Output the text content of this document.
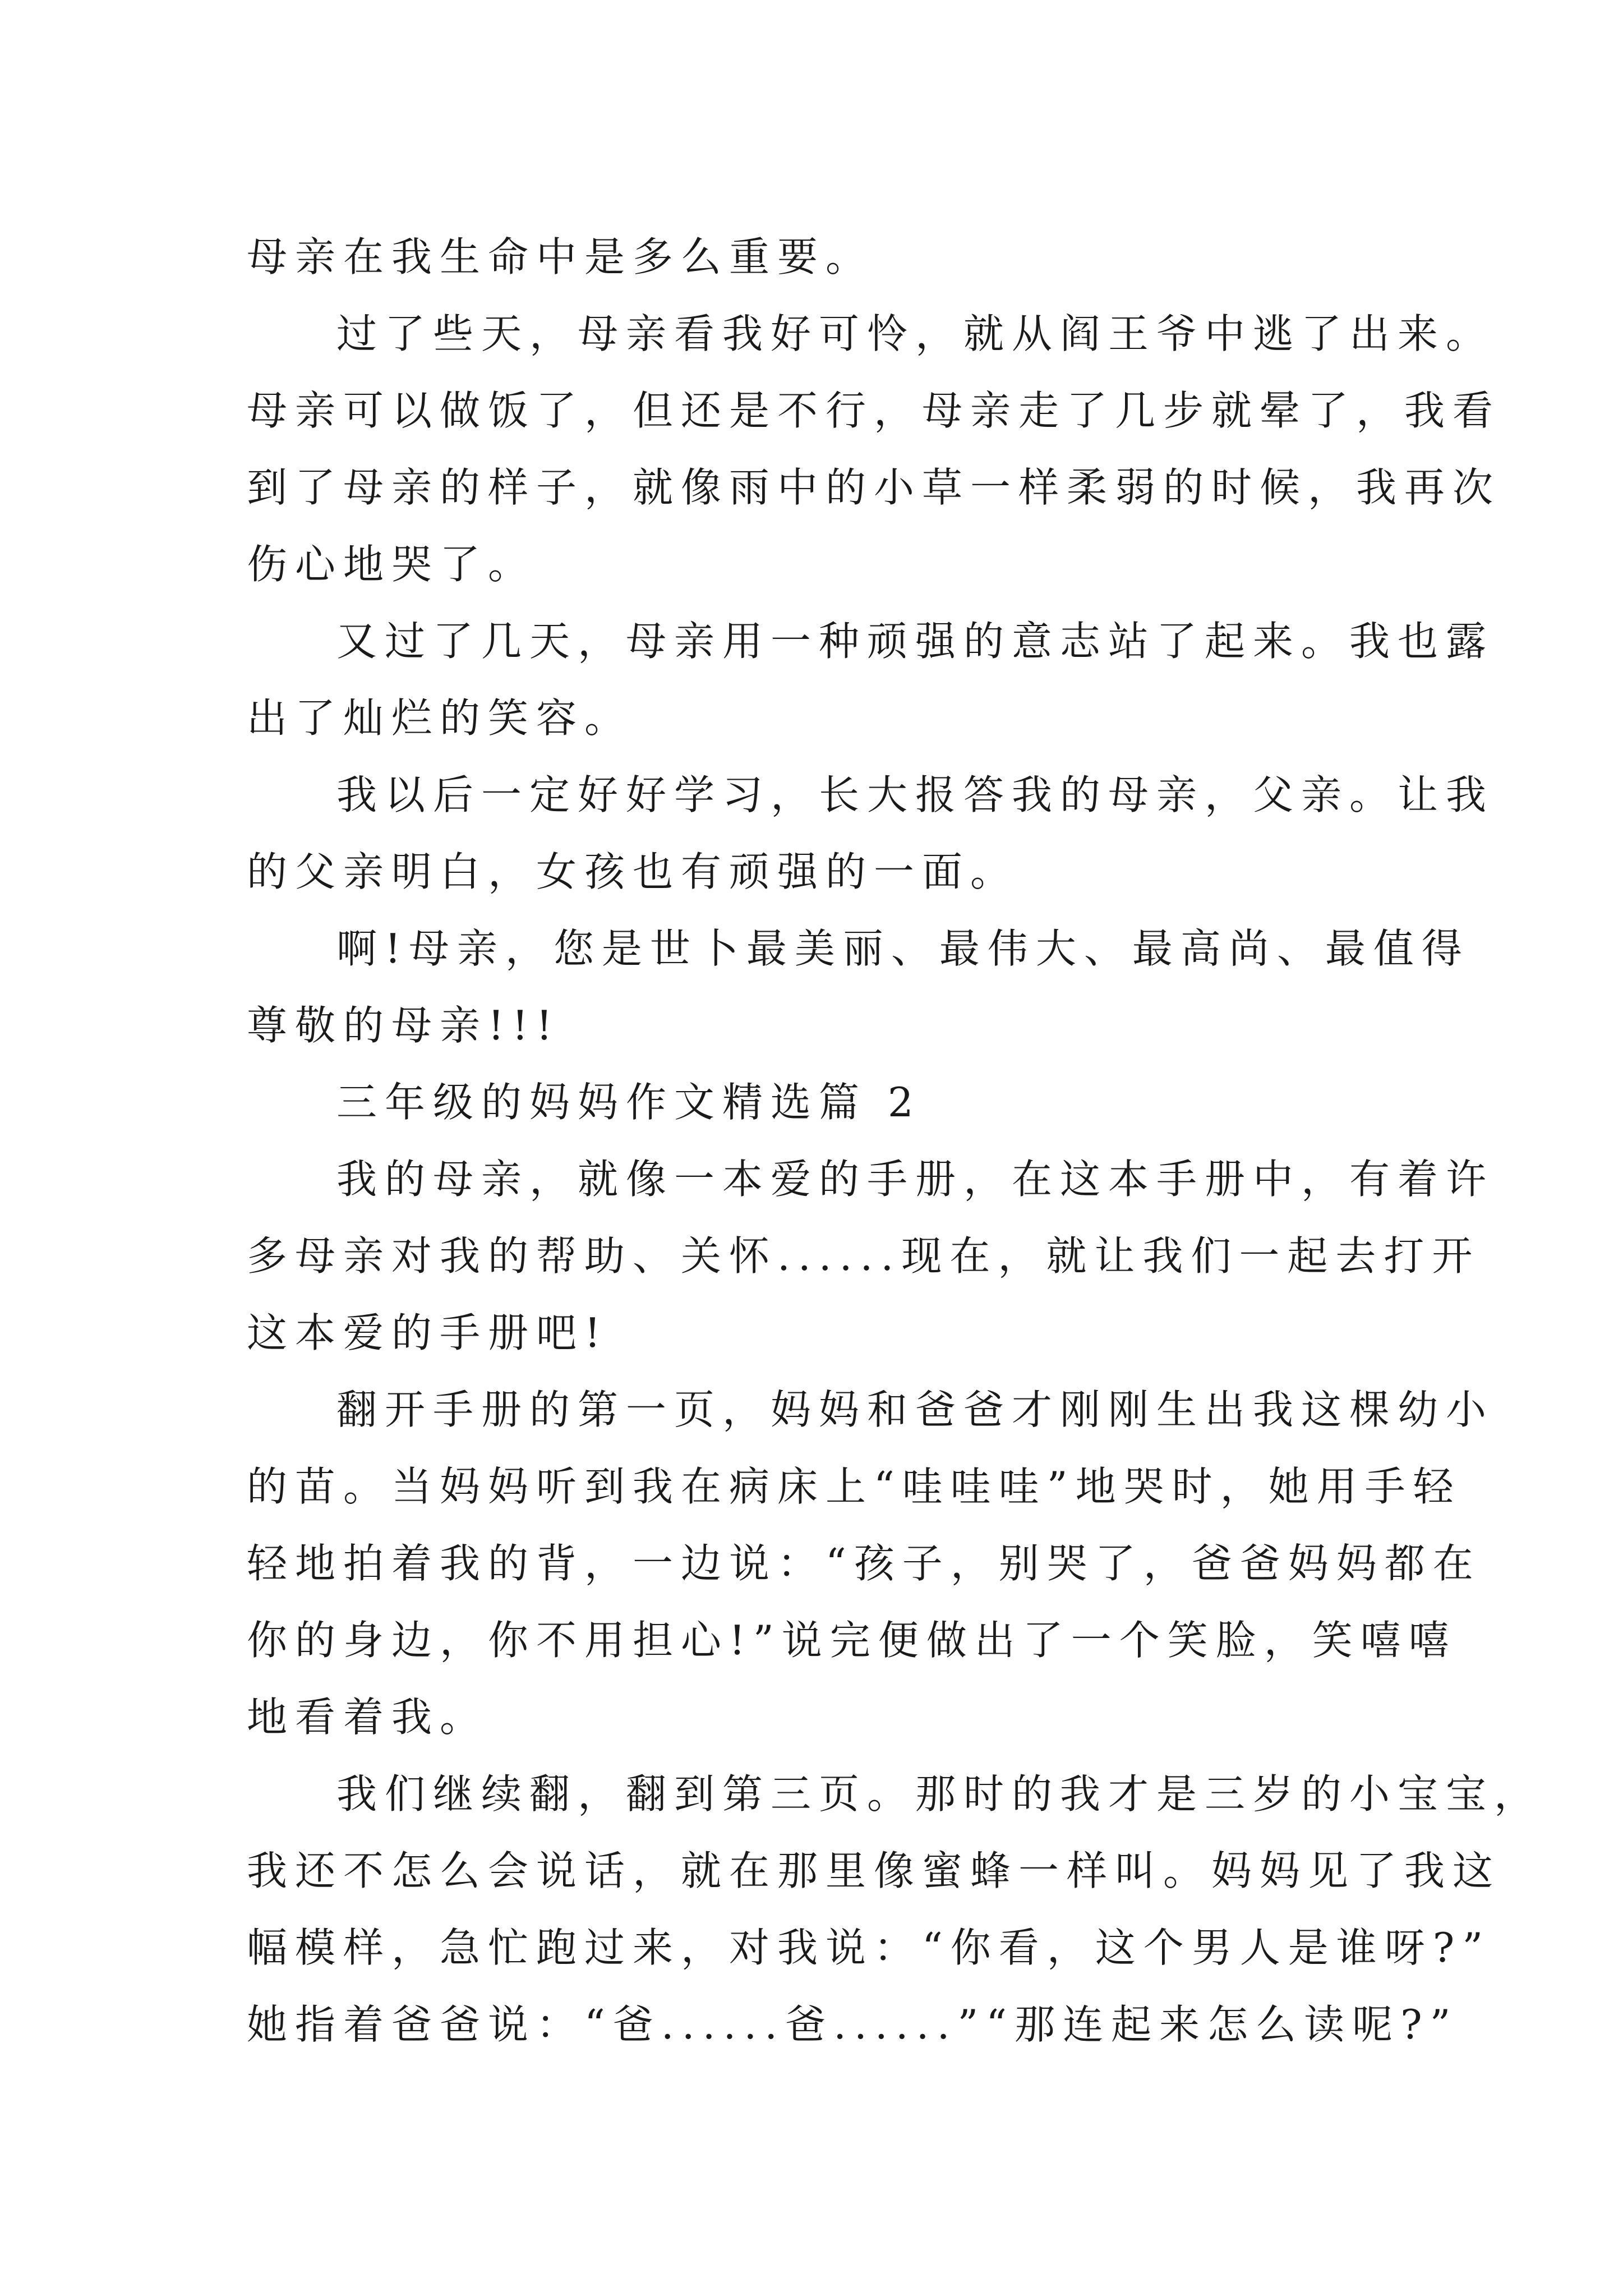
母亲在我生命中是多么重要。
过了些天，母亲看我好可怜，就从阎王爷中逃了出来。
母亲可以做饭了，但还是不行，母亲走了几步就晕了，我看
到了母亲的样子，就像雨中的小草一样柔弱的时候，我再次
伤心地哭了。
又过了几天，母亲用一种顽强的意志站了起来。我也露
出了灿烂的笑容。
我以后一定好好学习，长大报答我的母亲，父亲。让我
的父亲明白，女孩也有顽强的一面。
啊!母亲，您是世卜最美丽、最伟大、最高尚、最值得
尊敬的母亲!!!
三年级的妈妈作文精选篇 2
我的母亲，就像一本爱的手册，在这本手册中，有着许
多母亲对我的帮助、关怀......现在，就让我们一起去打开
这本爱的手册吧!
翻开手册的第一页，妈妈和爸爸才刚刚生出我这棵幼小
的苗。当妈妈听到我在病床上“哇哇哇”地哭时，她用手轻
轻地拍着我的背，一边说：“孩子，别哭了，爸爸妈妈都在
你的身边，你不用担心!”说完便做出了一个笑脸，笑嘻嘻
地看着我。
我们继续翻，翻到第三页。那时的我才是三岁的小宝宝，
我还不怎么会说话，就在那里像蜜蜂一样叫。妈妈见了我这
幅模样，急忙跑过来，对我说：“你看，这个男人是谁呀?”
她指着爸爸说：“爸......爸......”“那连起来怎么读呢?”
